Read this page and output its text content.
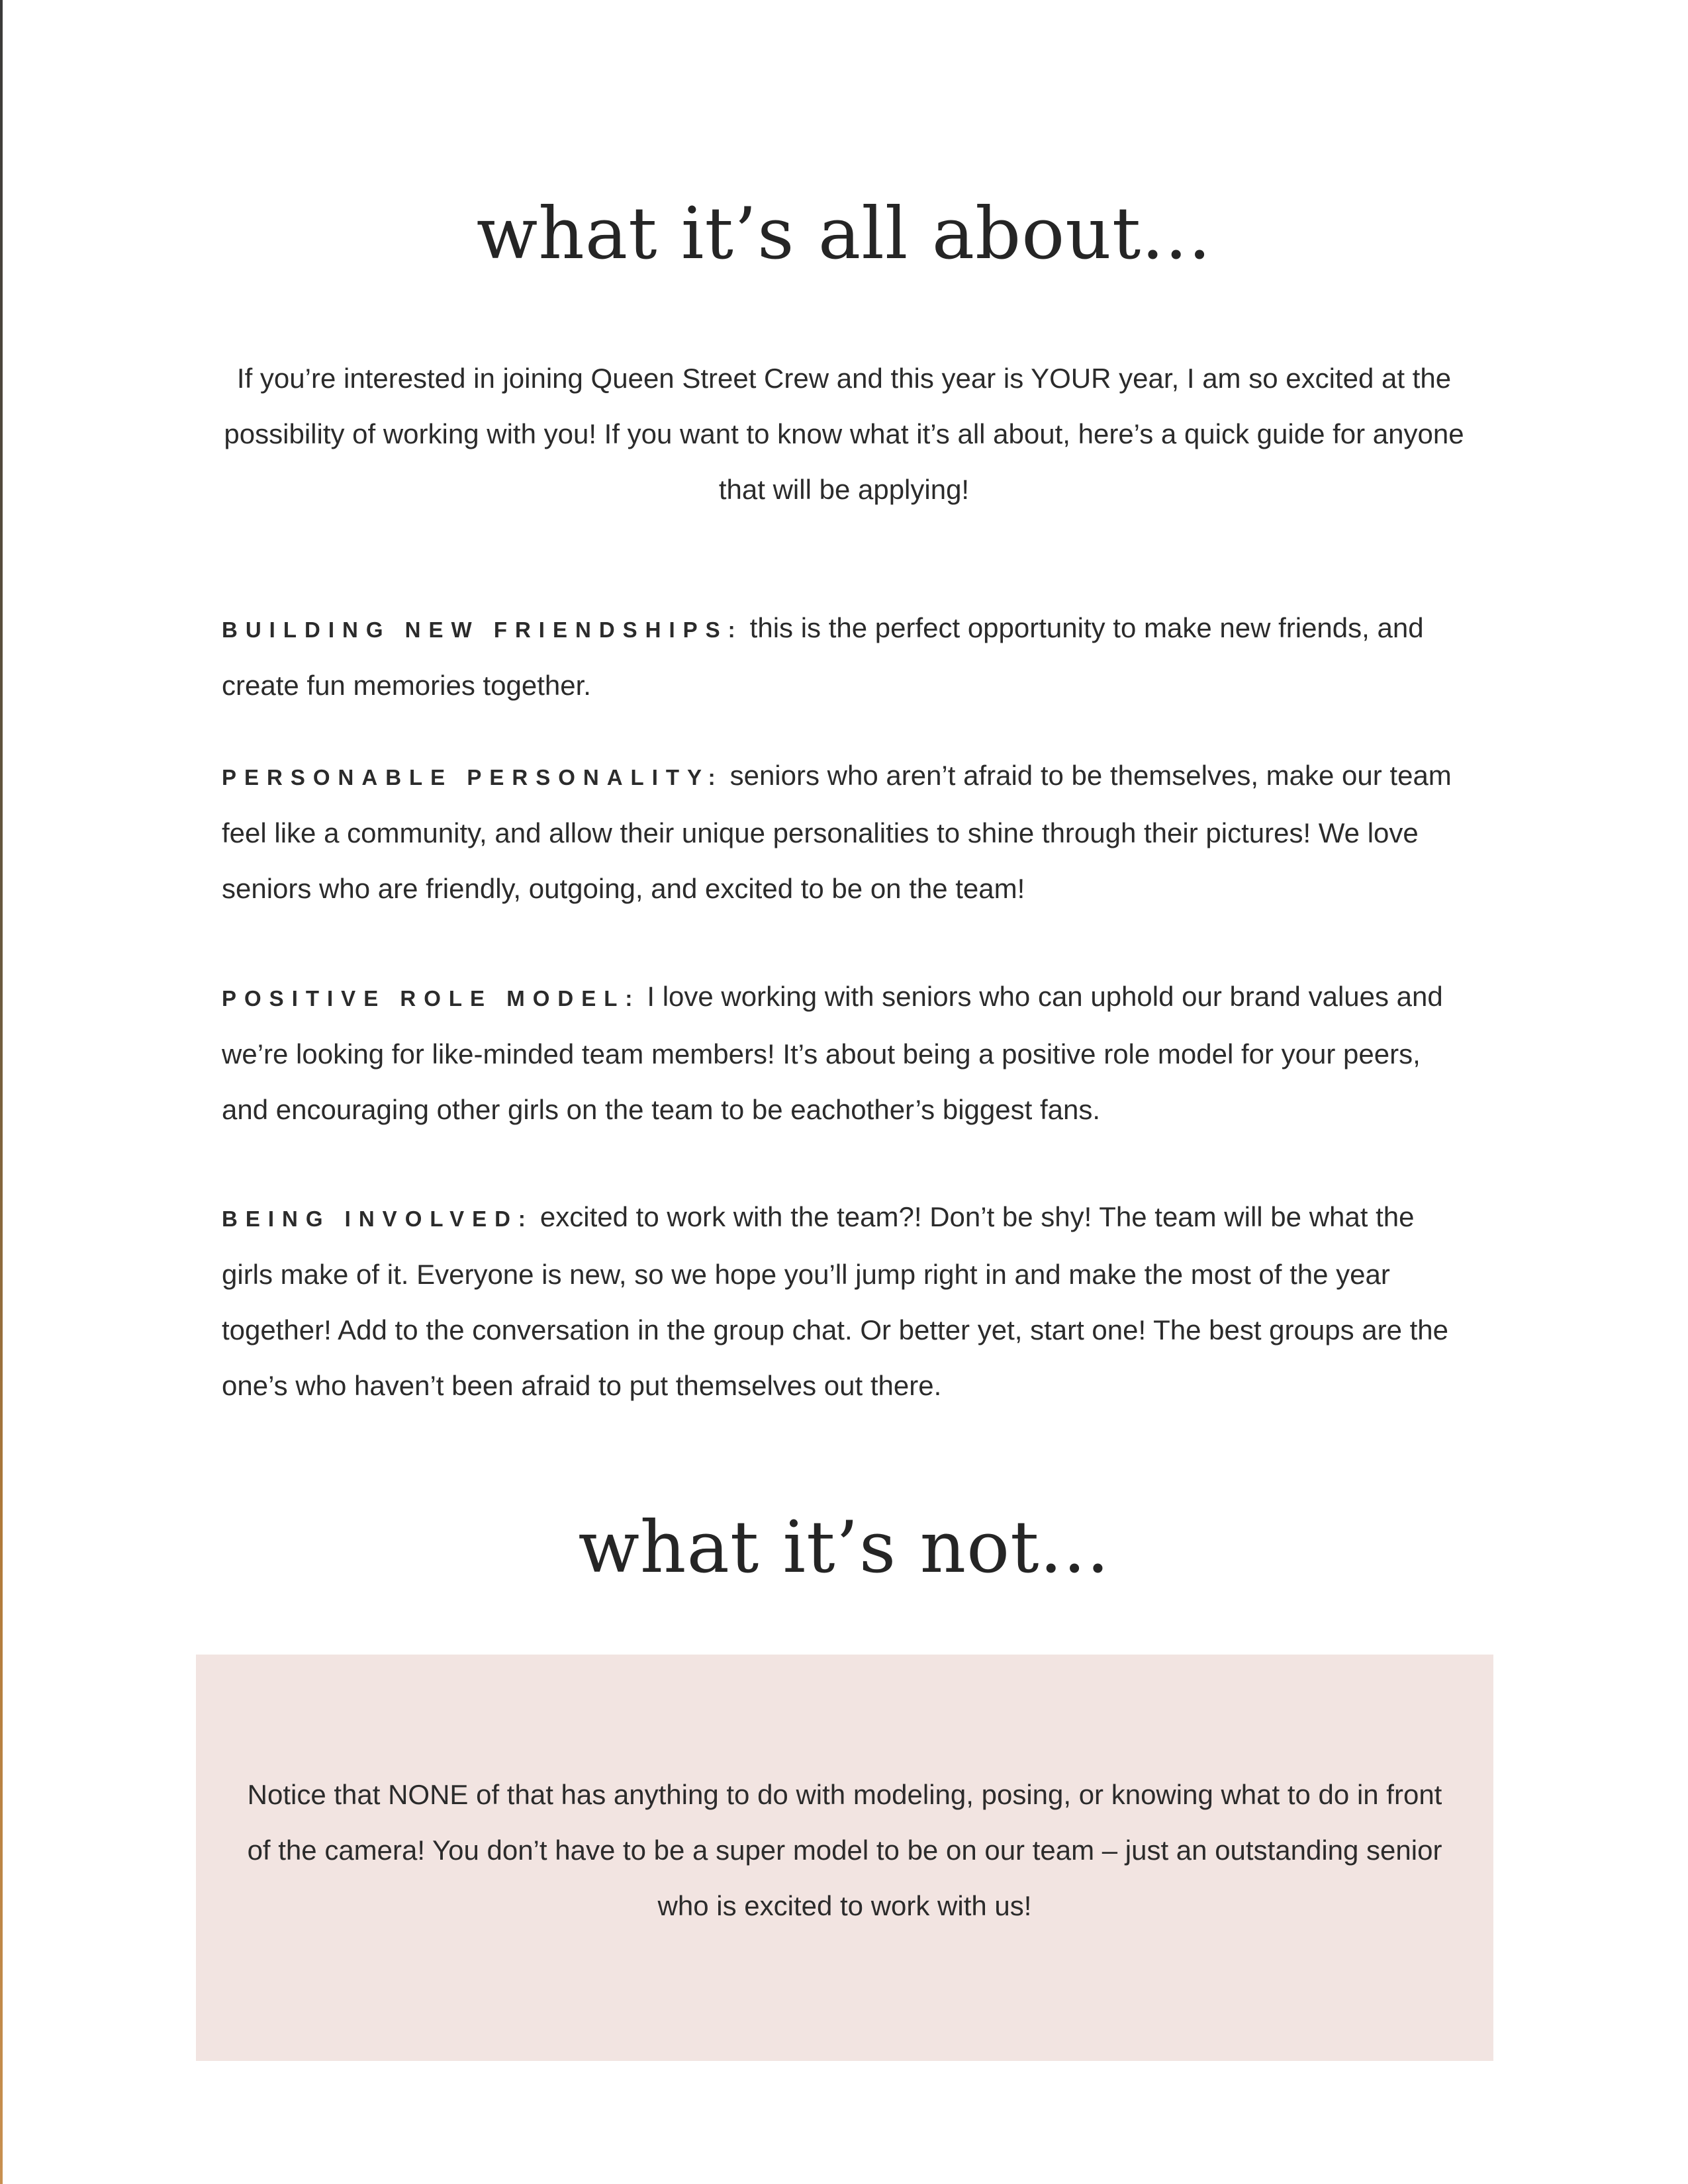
what it’s all about...

If you’re interested in joining Queen Street Crew and this year is YOUR year, I am so excited at the possibility of working with you! If you want to know what it’s all about, here’s a quick guide for anyone that will be applying!

BUILDING NEW FRIENDSHIPS: this is the perfect opportunity to make new friends, and create fun memories together.

PERSONABLE PERSONALITY: seniors who aren’t afraid to be themselves, make our team feel like a community, and allow their unique personalities to shine through their pictures! We love seniors who are friendly, outgoing, and excited to be on the team!

POSITIVE ROLE MODEL: I love working with seniors who can uphold our brand values and we’re looking for like-minded team members! It’s about being a positive role model for your peers, and encouraging other girls on the team to be eachother’s biggest fans.

BEING INVOLVED: excited to work with the team?! Don’t be shy! The team will be what the girls make of it. Everyone is new, so we hope you’ll jump right in and make the most of the year together! Add to the conversation in the group chat. Or better yet, start one! The best groups are the one’s who haven’t been afraid to put themselves out there.

what it’s not...

Notice that NONE of that has anything to do with modeling, posing, or knowing what to do in front of the camera! You don’t have to be a super model to be on our team – just an outstanding senior who is excited to work with us!
